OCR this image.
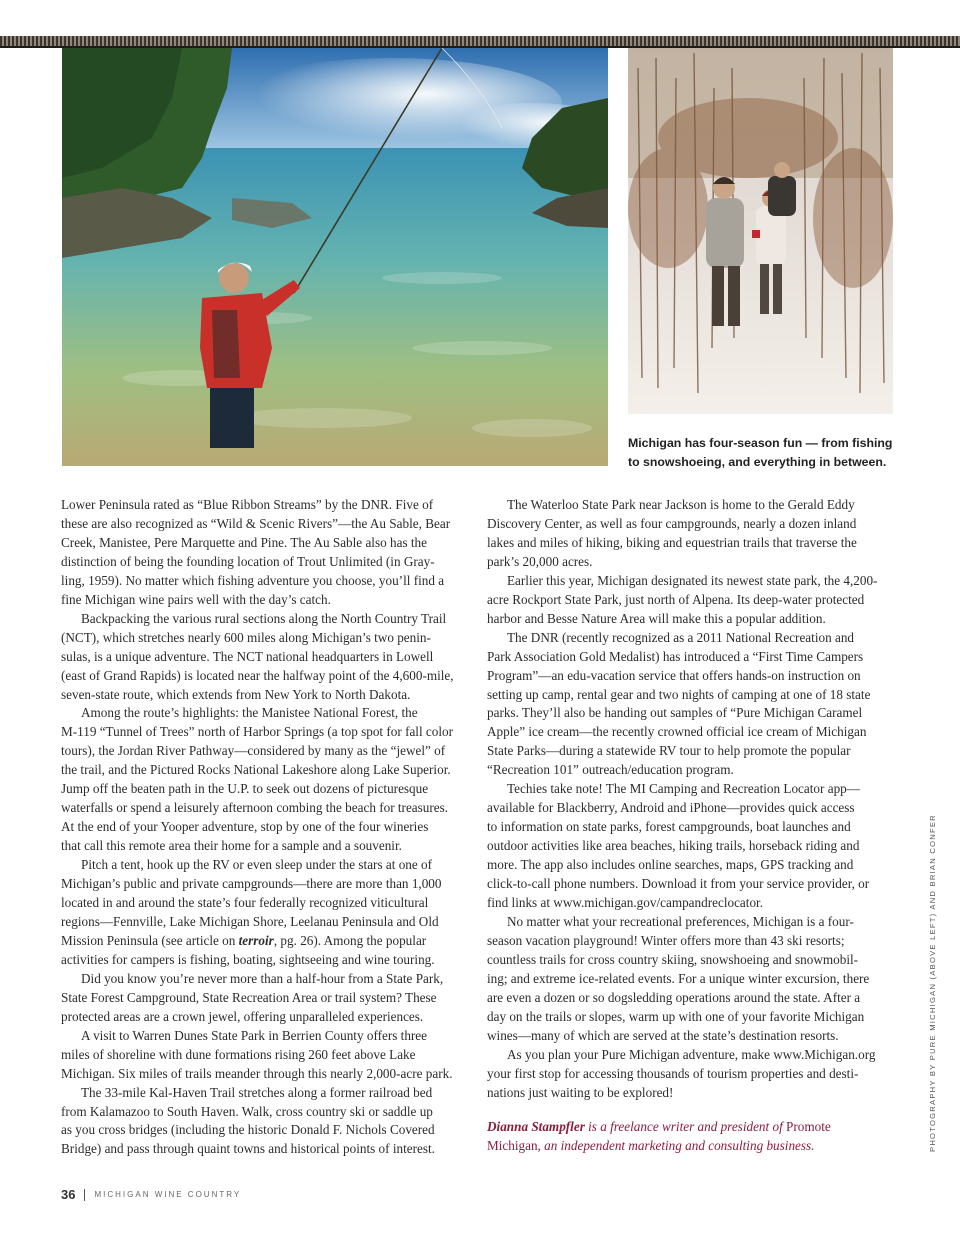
Michigan has four-season fun — from fishing
to snowshoeing, and everything in between.
Lower Peninsula rated as “Blue Ribbon Streams” by the DNR. Five of
these are also recognized as “Wild & Scenic Rivers”—the Au Sable, Bear
Creek, Manistee, Pere Marquette and Pine. The Au Sable also has the
distinction of being the founding location of Trout Unlimited (in Gray-
ling, 1959). No matter which fishing adventure you choose, you’ll find a
fine Michigan wine pairs well with the day’s catch.
Backpacking the various rural sections along the North Country Trail
(NCT), which stretches nearly 600 miles along Michigan’s two penin-
sulas, is a unique adventure. The NCT national headquarters in Lowell
(east of Grand Rapids) is located near the halfway point of the 4,600-mile,
seven-state route, which extends from New York to North Dakota.
Among the route’s highlights: the Manistee National Forest, the
M-119 “Tunnel of Trees” north of Harbor Springs (a top spot for fall color
tours), the Jordan River Pathway—considered by many as the “jewel” of
the trail, and the Pictured Rocks National Lakeshore along Lake Superior.
Jump off the beaten path in the U.P. to seek out dozens of picturesque
waterfalls or spend a leisurely afternoon combing the beach for treasures.
At the end of your Yooper adventure, stop by one of the four wineries
that call this remote area their home for a sample and a souvenir.
Pitch a tent, hook up the RV or even sleep under the stars at one of
Michigan’s public and private campgrounds—there are more than 1,000
located in and around the state’s four federally recognized viticultural
regions—Fennville, Lake Michigan Shore, Leelanau Peninsula and Old
Mission Peninsula (see article on terroir, pg. 26). Among the popular
activities for campers is fishing, boating, sightseeing and wine touring.
Did you know you’re never more than a half-hour from a State Park,
State Forest Campground, State Recreation Area or trail system? These
protected areas are a crown jewel, offering unparalleled experiences.
A visit to Warren Dunes State Park in Berrien County offers three
miles of shoreline with dune formations rising 260 feet above Lake
Michigan. Six miles of trails meander through this nearly 2,000-acre park.
The 33-mile Kal-Haven Trail stretches along a former railroad bed
from Kalamazoo to South Haven. Walk, cross country ski or saddle up
as you cross bridges (including the historic Donald F. Nichols Covered
Bridge) and pass through quaint towns and historical points of interest.
The Waterloo State Park near Jackson is home to the Gerald Eddy
Discovery Center, as well as four campgrounds, nearly a dozen inland
lakes and miles of hiking, biking and equestrian trails that traverse the
park’s 20,000 acres.
Earlier this year, Michigan designated its newest state park, the 4,200-
acre Rockport State Park, just north of Alpena. Its deep-water protected
harbor and Besse Nature Area will make this a popular addition.
The DNR (recently recognized as a 2011 National Recreation and
Park Association Gold Medalist) has introduced a “First Time Campers
Program”—an edu-vacation service that offers hands-on instruction on
setting up camp, rental gear and two nights of camping at one of 18 state
parks. They’ll also be handing out samples of “Pure Michigan Caramel
Apple” ice cream—the recently crowned official ice cream of Michigan
State Parks—during a statewide RV tour to help promote the popular
“Recreation 101” outreach/education program.
Techies take note! The MI Camping and Recreation Locator app—
available for Blackberry, Android and iPhone—provides quick access
to information on state parks, forest campgrounds, boat launches and
outdoor activities like area beaches, hiking trails, horseback riding and
more. The app also includes online searches, maps, GPS tracking and
click-to-call phone numbers. Download it from your service provider, or
find links at www.michigan.gov/campandreclocator.
No matter what your recreational preferences, Michigan is a four-
season vacation playground! Winter offers more than 43 ski resorts;
countless trails for cross country skiing, snowshoeing and snowmobil-
ing; and extreme ice-related events. For a unique winter excursion, there
are even a dozen or so dogsledding operations around the state. After a
day on the trails or slopes, warm up with one of your favorite Michigan
wines—many of which are served at the state’s destination resorts.
As you plan your Pure Michigan adventure, make www.Michigan.org
your first stop for accessing thousands of tourism properties and desti-
nations just waiting to be explored!
Dianna Stampfler is a freelance writer and president of Promote
Michigan, an independent marketing and consulting business.	PHOTOGRAPHY BY PURE MICHIGAN (ABOVE LEFT) AND BRIAN CONFER
36 MICHIGAN WINE COUNTRY
